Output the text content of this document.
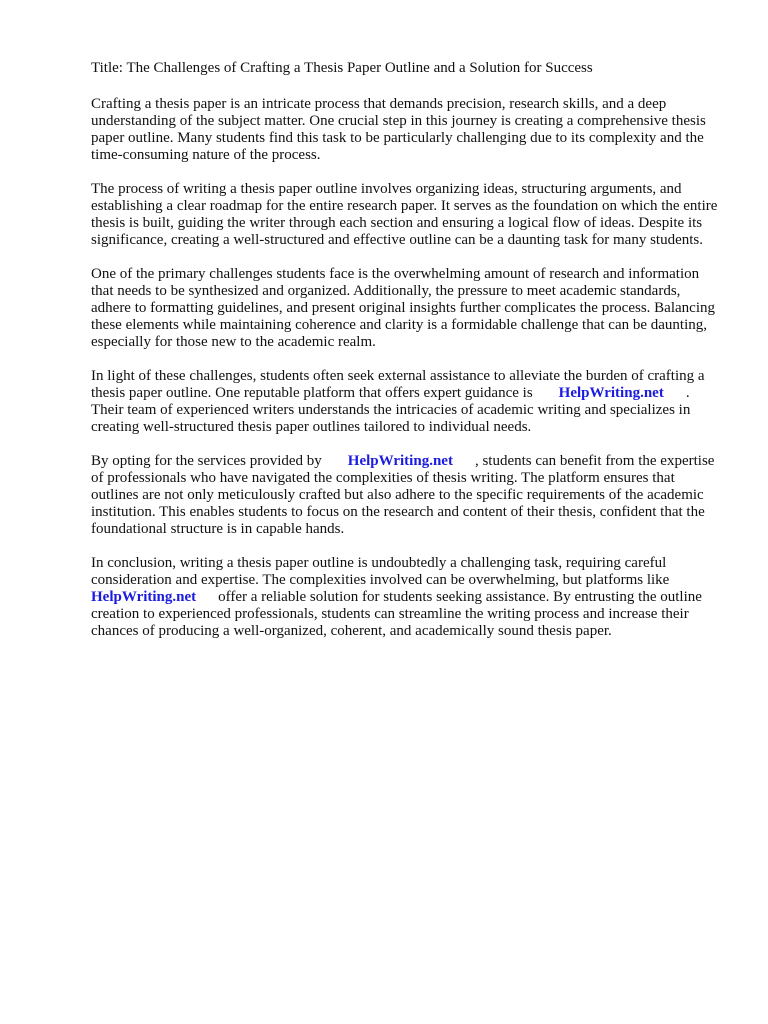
Title: The Challenges of Crafting a Thesis Paper Outline and a Solution for Success

Crafting a thesis paper is an intricate process that demands precision, research skills, and a deep understanding of the subject matter. One crucial step in this journey is creating a comprehensive thesis paper outline. Many students find this task to be particularly challenging due to its complexity and the time-consuming nature of the process.

The process of writing a thesis paper outline involves organizing ideas, structuring arguments, and establishing a clear roadmap for the entire research paper. It serves as the foundation on which the entire thesis is built, guiding the writer through each section and ensuring a logical flow of ideas. Despite its significance, creating a well-structured and effective outline can be a daunting task for many students.

One of the primary challenges students face is the overwhelming amount of research and information that needs to be synthesized and organized. Additionally, the pressure to meet academic standards, adhere to formatting guidelines, and present original insights further complicates the process. Balancing these elements while maintaining coherence and clarity is a formidable challenge that can be daunting, especially for those new to the academic realm.

In light of these challenges, students often seek external assistance to alleviate the burden of crafting a thesis paper outline. One reputable platform that offers expert guidance is HelpWriting.net . Their team of experienced writers understands the intricacies of academic writing and specializes in creating well-structured thesis paper outlines tailored to individual needs.

By opting for the services provided by HelpWriting.net , students can benefit from the expertise of professionals who have navigated the complexities of thesis writing. The platform ensures that outlines are not only meticulously crafted but also adhere to the specific requirements of the academic institution. This enables students to focus on the research and content of their thesis, confident that the foundational structure is in capable hands.

In conclusion, writing a thesis paper outline is undoubtedly a challenging task, requiring careful consideration and expertise. The complexities involved can be overwhelming, but platforms like HelpWriting.net offer a reliable solution for students seeking assistance. By entrusting the outline creation to experienced professionals, students can streamline the writing process and increase their chances of producing a well-organized, coherent, and academically sound thesis paper.
